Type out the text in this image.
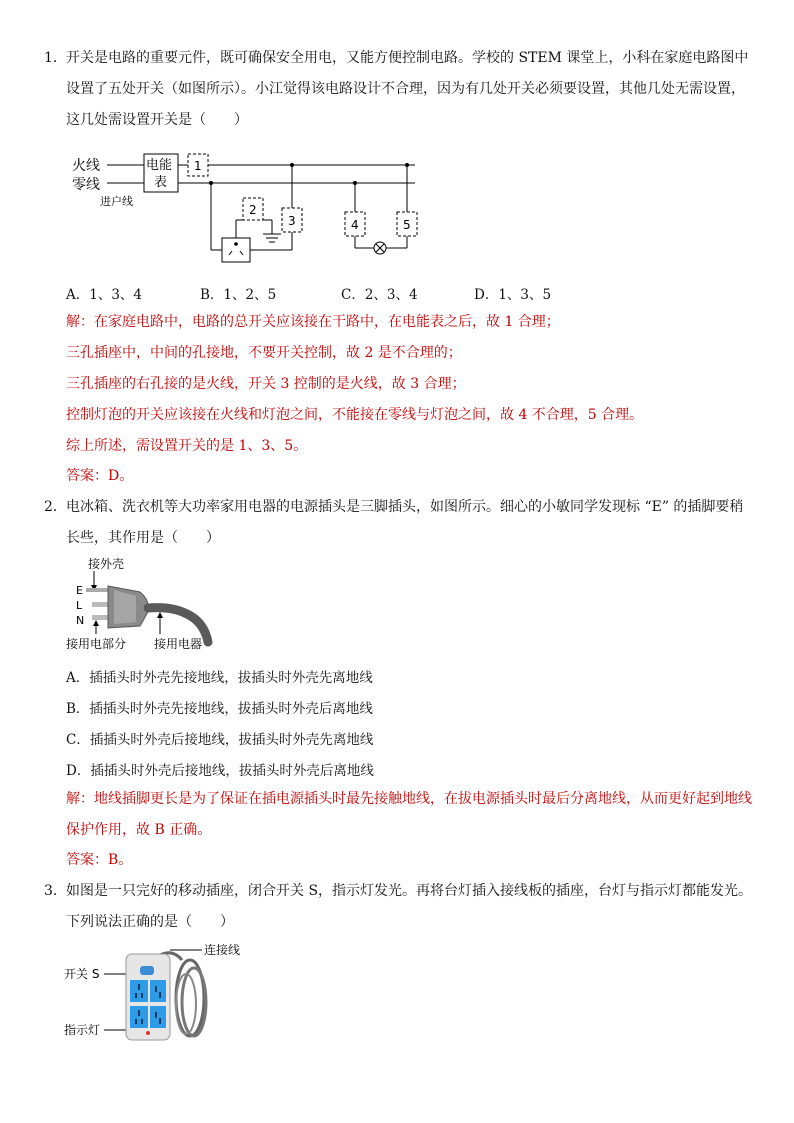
1． 开关是电路的重要元件，既可确保安全用电，又能方便控制电路。学校的 STEM 课堂上，小科在家庭电路图中
设置了五处开关（如图所示）。小江觉得该电路设计不合理，因为有几处开关必须要设置，其他几处无需设置，
这几处需设置开关是（　　）
火线
零线
进户线
电能
表
1
2
3	4	5
A．1、3、4	B．1、2、5	C．2、3、4	D．1、3、5
解：在家庭电路中，电路的总开关应该接在干路中，在电能表之后，故 1 合理；
三孔插座中，中间的孔接地，不要开关控制，故 2 是不合理的；
三孔插座的右孔接的是火线，开关 3 控制的是火线，故 3 合理；
控制灯泡的开关应该接在火线和灯泡之间，不能接在零线与灯泡之间，故 4 不合理，5 合理。
综上所述，需设置开关的是 1、3、5。
答案：D。
2． 电冰箱、洗衣机等大功率家用电器的电源插头是三脚插头，如图所示。细心的小敏同学发现标 “E” 的插脚要稍
长些，其作用是（　　）
接外壳
E
L
N
接用电部分 接用电器
A．插插头时外壳先接地线，拔插头时外壳先离地线
B．插插头时外壳先接地线，拔插头时外壳后离地线
C．插插头时外壳后接地线，拔插头时外壳先离地线
D．插插头时外壳后接地线，拔插头时外壳后离地线
解：地线插脚更长是为了保证在插电源插头时最先接触地线，在拔电源插头时最后分离地线，从而更好起到地线
保护作用，故 B 正确。
答案：B。
3． 如图是一只完好的移动插座，闭合开关 S，指示灯发光。再将台灯插入接线板的插座，台灯与指示灯都能发光。
下列说法正确的是（　　）
连接线
开关 S
指示灯
